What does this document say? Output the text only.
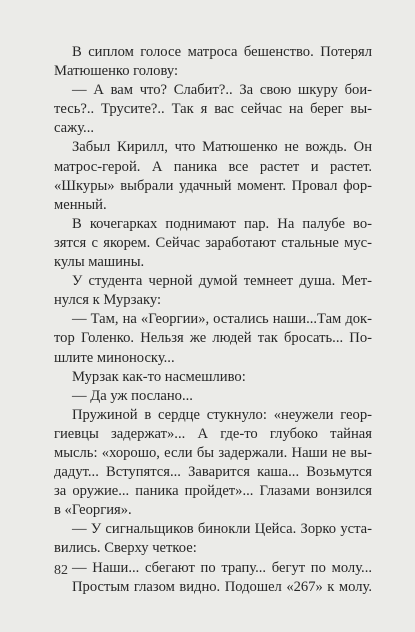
В сиплом голосе матроса бешенство. Потерял
Матюшенко голову:
— А вам что? Слабит?.. За свою шкуру бои-
тесь?.. Трусите?.. Так я вас сейчас на берег вы-
сажу...
Забыл Кирилл, что Матюшенко не вождь. Он
матрос-герой. А паника все растет и растет.
«Шкуры» выбрали удачный момент. Провал фор-
менный.
В кочегарках поднимают пар. На палубе во-
зятся с якорем. Сейчас заработают стальные мус-
кулы машины.
У студента черной думой темнеет душа. Мет-
нулся к Мурзаку:
— Там, на «Георгии», остались наши...Там док-
тор Голенко. Нельзя же людей так бросать... По-
шлите миноноску...
Мурзак как-то насмешливо:
— Да уж послано...
Пружиной в сердце стукнуло: «неужели геор-
гиевцы задержат»... А где-то глубоко тайная
мысль: «хорошо, если бы задержали. Наши не вы-
дадут... Вступятся... Заварится каша... Возьмутся
за оружие... паника пройдет»... Глазами вонзился
в «Георгия».
— У сигнальщиков бинокли Цейса. Зорко уста-
вились. Сверху четкое:
— Наши... сбегают по трапу... бегут по молу...
Простым глазом видно. Подошел «267» к молу.
82
